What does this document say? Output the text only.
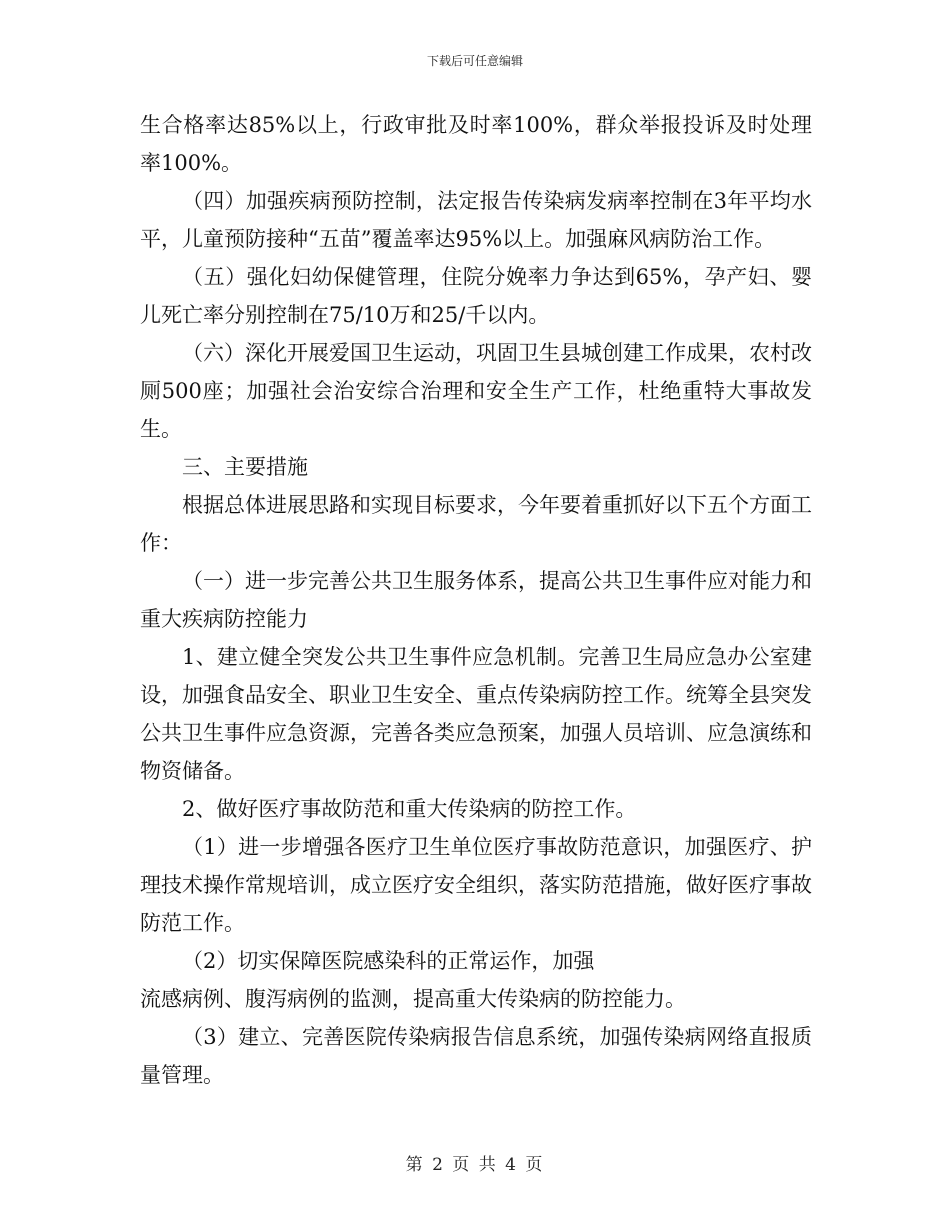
下载后可任意编辑

生合格率达85%以上，行政审批及时率100%，群众举报投诉及时处理率100%。

（四）加强疾病预防控制，法定报告传染病发病率控制在3年平均水平，儿童预防接种“五苗”覆盖率达95%以上。加强麻风病防治工作。

（五）强化妇幼保健管理，住院分娩率力争达到65%，孕产妇、婴儿死亡率分别控制在75/10万和25/千以内。

（六）深化开展爱国卫生运动，巩固卫生县城创建工作成果，农村改厕500座；加强社会治安综合治理和安全生产工作，杜绝重特大事故发生。

三、主要措施

根据总体进展思路和实现目标要求，今年要着重抓好以下五个方面工作：

（一）进一步完善公共卫生服务体系，提高公共卫生事件应对能力和重大疾病防控能力

1、建立健全突发公共卫生事件应急机制。完善卫生局应急办公室建设，加强食品安全、职业卫生安全、重点传染病防控工作。统筹全县突发公共卫生事件应急资源，完善各类应急预案，加强人员培训、应急演练和物资储备。

2、做好医疗事故防范和重大传染病的防控工作。

（1）进一步增强各医疗卫生单位医疗事故防范意识，加强医疗、护理技术操作常规培训，成立医疗安全组织，落实防范措施，做好医疗事故防范工作。

（2）切实保障医院感染科的正常运作，加强

流感病例、腹泻病例的监测，提高重大传染病的防控能力。

（3）建立、完善医院传染病报告信息系统，加强传染病网络直报质量管理。

第 2 页 共 4 页
